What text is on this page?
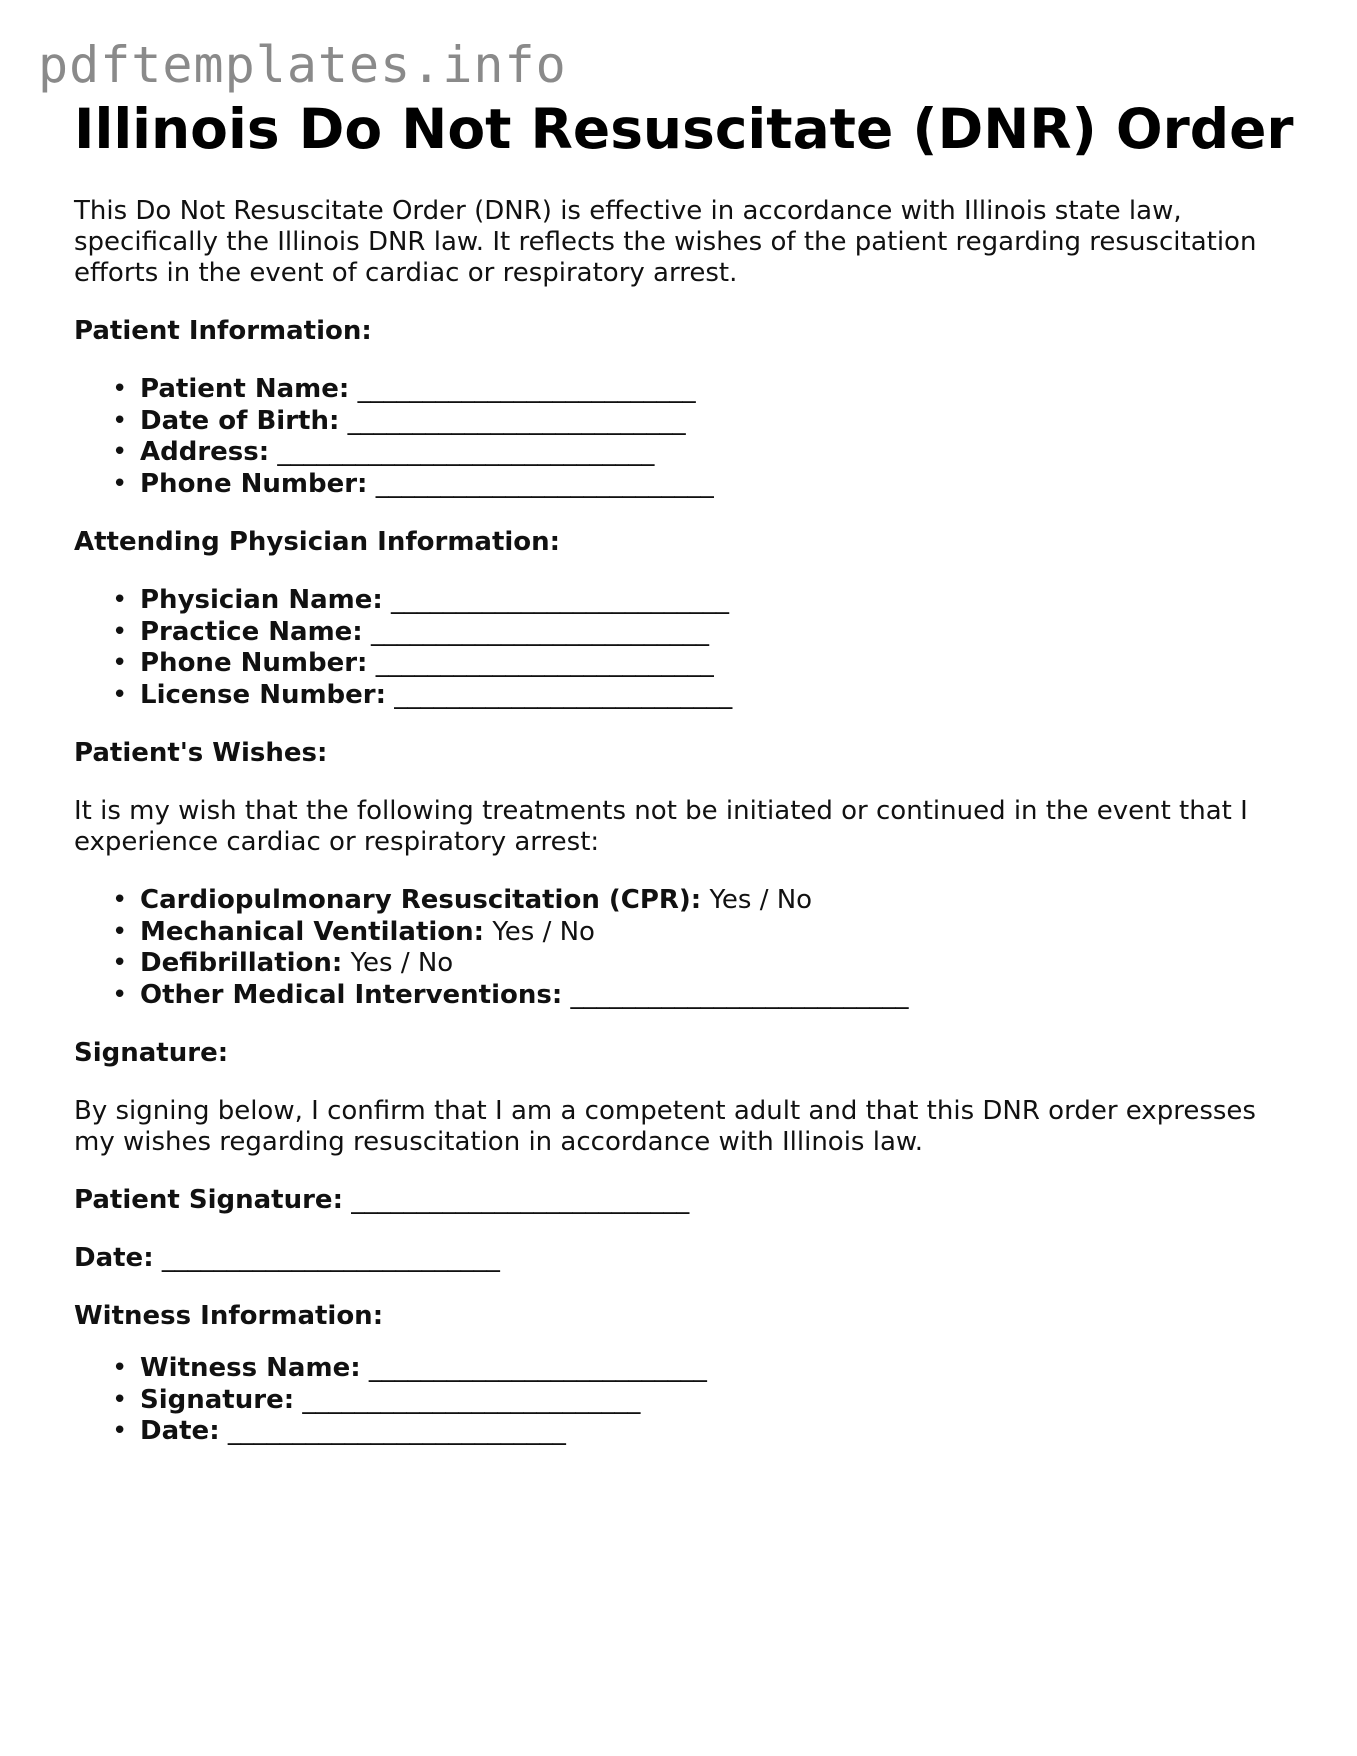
pdftemplates.info
Illinois Do Not Resuscitate (DNR) Order

This Do Not Resuscitate Order (DNR) is effective in accordance with Illinois state law, specifically the Illinois DNR law. It reflects the wishes of the patient regarding resuscitation efforts in the event of cardiac or respiratory arrest.

Patient Information:
• Patient Name: __________________________
• Date of Birth: __________________________
• Address: _____________________________
• Phone Number: __________________________
Attending Physician Information:
• Physician Name: __________________________
• Practice Name: __________________________
• Phone Number: __________________________
• License Number: __________________________
Patient's Wishes:

It is my wish that the following treatments not be initiated or continued in the event that I experience cardiac or respiratory arrest:

• Cardiopulmonary Resuscitation (CPR): Yes / No
• Mechanical Ventilation: Yes / No
• Defibrillation: Yes / No
• Other Medical Interventions: __________________________
Signature:

By signing below, I confirm that I am a competent adult and that this DNR order expresses my wishes regarding resuscitation in accordance with Illinois law.

Patient Signature: __________________________
Date: __________________________
Witness Information:
• Witness Name: __________________________
• Signature: __________________________
• Date: __________________________
